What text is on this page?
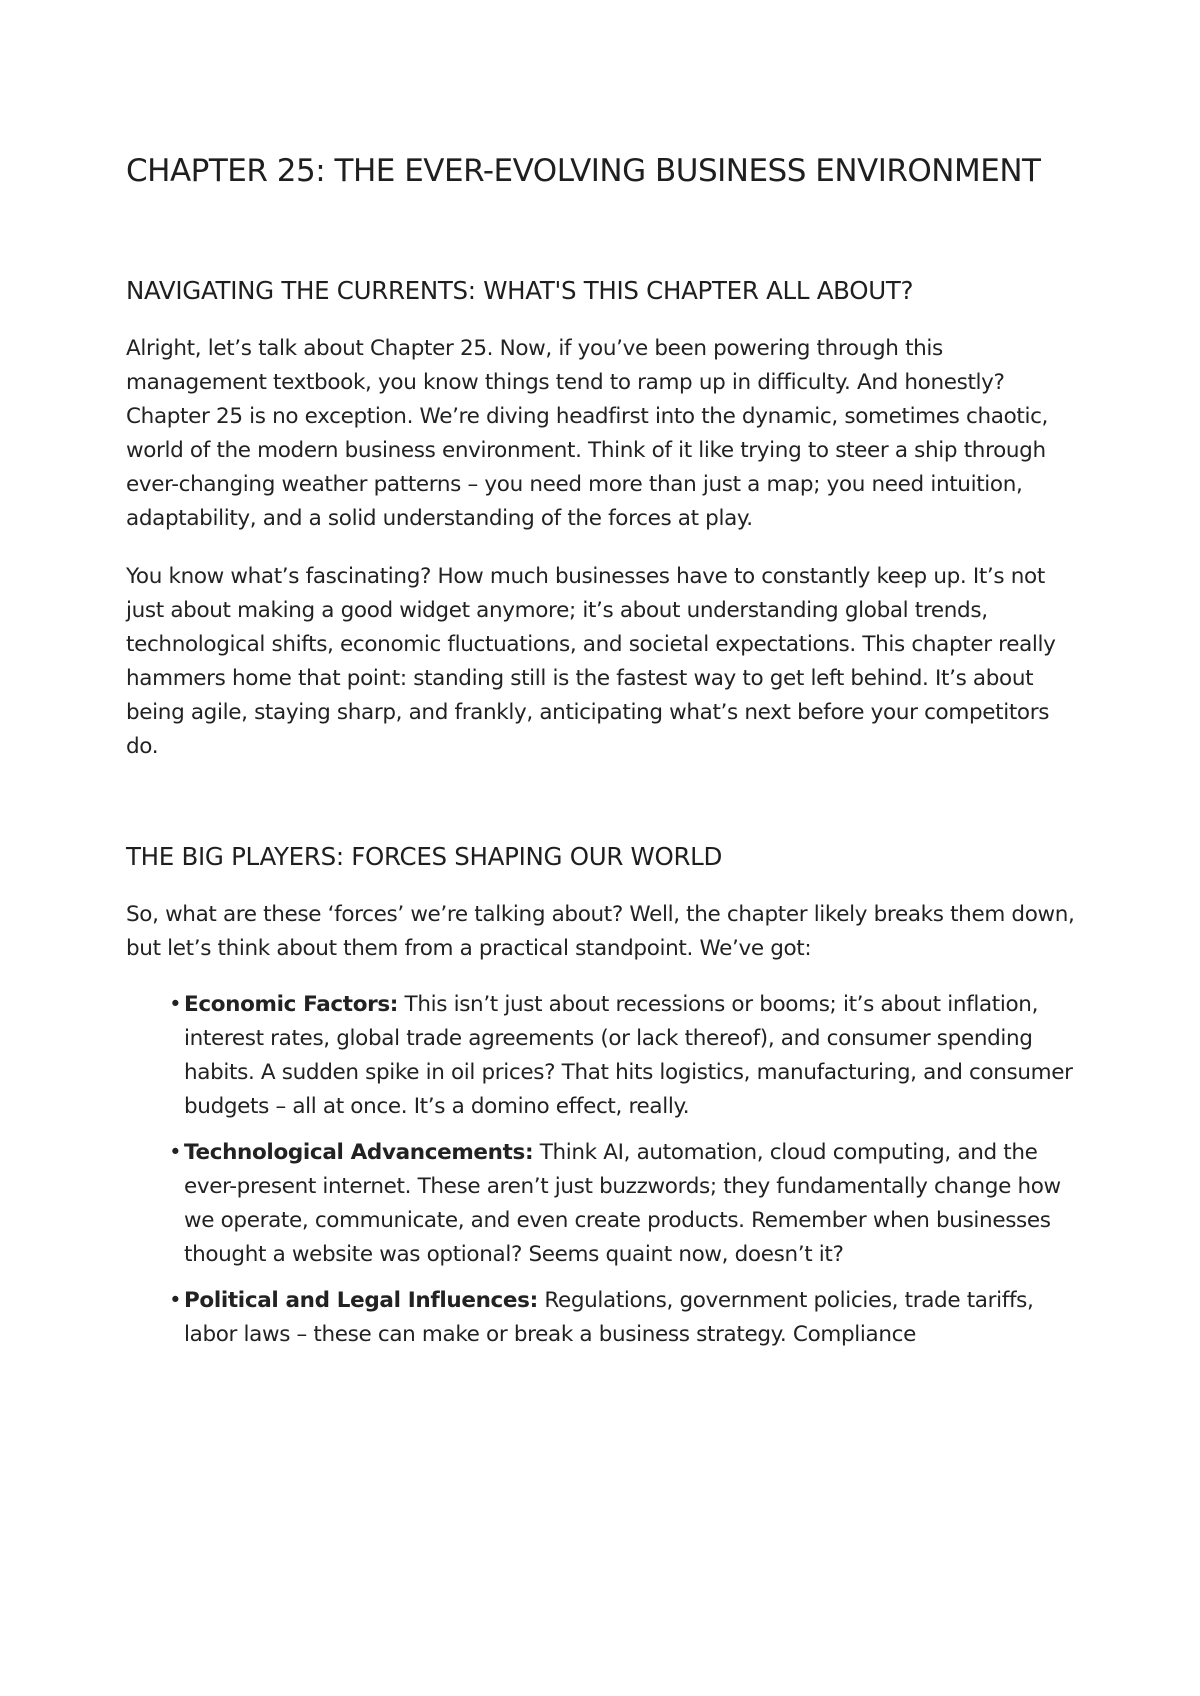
CHAPTER 25: THE EVER-EVOLVING BUSINESS ENVIRONMENT
NAVIGATING THE CURRENTS: WHAT'S THIS CHAPTER ALL ABOUT?

Alright, let’s talk about Chapter 25. Now, if you’ve been powering through this management textbook, you know things tend to ramp up in difficulty. And honestly? Chapter 25 is no exception. We’re diving headfirst into the dynamic, sometimes chaotic, world of the modern business environment. Think of it like trying to steer a ship through ever-changing weather patterns – you need more than just a map; you need intuition, adaptability, and a solid understanding of the forces at play.

You know what’s fascinating? How much businesses have to constantly keep up. It’s not just about making a good widget anymore; it’s about understanding global trends, technological shifts, economic fluctuations, and societal expectations. This chapter really hammers home that point: standing still is the fastest way to get left behind. It’s about being agile, staying sharp, and frankly, anticipating what’s next before your competitors do.

THE BIG PLAYERS: FORCES SHAPING OUR WORLD

So, what are these ‘forces’ we’re talking about? Well, the chapter likely breaks them down, but let’s think about them from a practical standpoint. We’ve got:

• Economic Factors: This isn’t just about recessions or booms; it’s about inflation, interest rates, global trade agreements (or lack thereof), and consumer spending habits. A sudden spike in oil prices? That hits logistics, manufacturing, and consumer budgets – all at once. It’s a domino effect, really.
• Technological Advancements: Think AI, automation, cloud computing, and the ever-present internet. These aren’t just buzzwords; they fundamentally change how we operate, communicate, and even create products. Remember when businesses thought a website was optional? Seems quaint now, doesn’t it?
• Political and Legal Influences: Regulations, government policies, trade tariffs, labor laws – these can make or break a business strategy. Compliance
